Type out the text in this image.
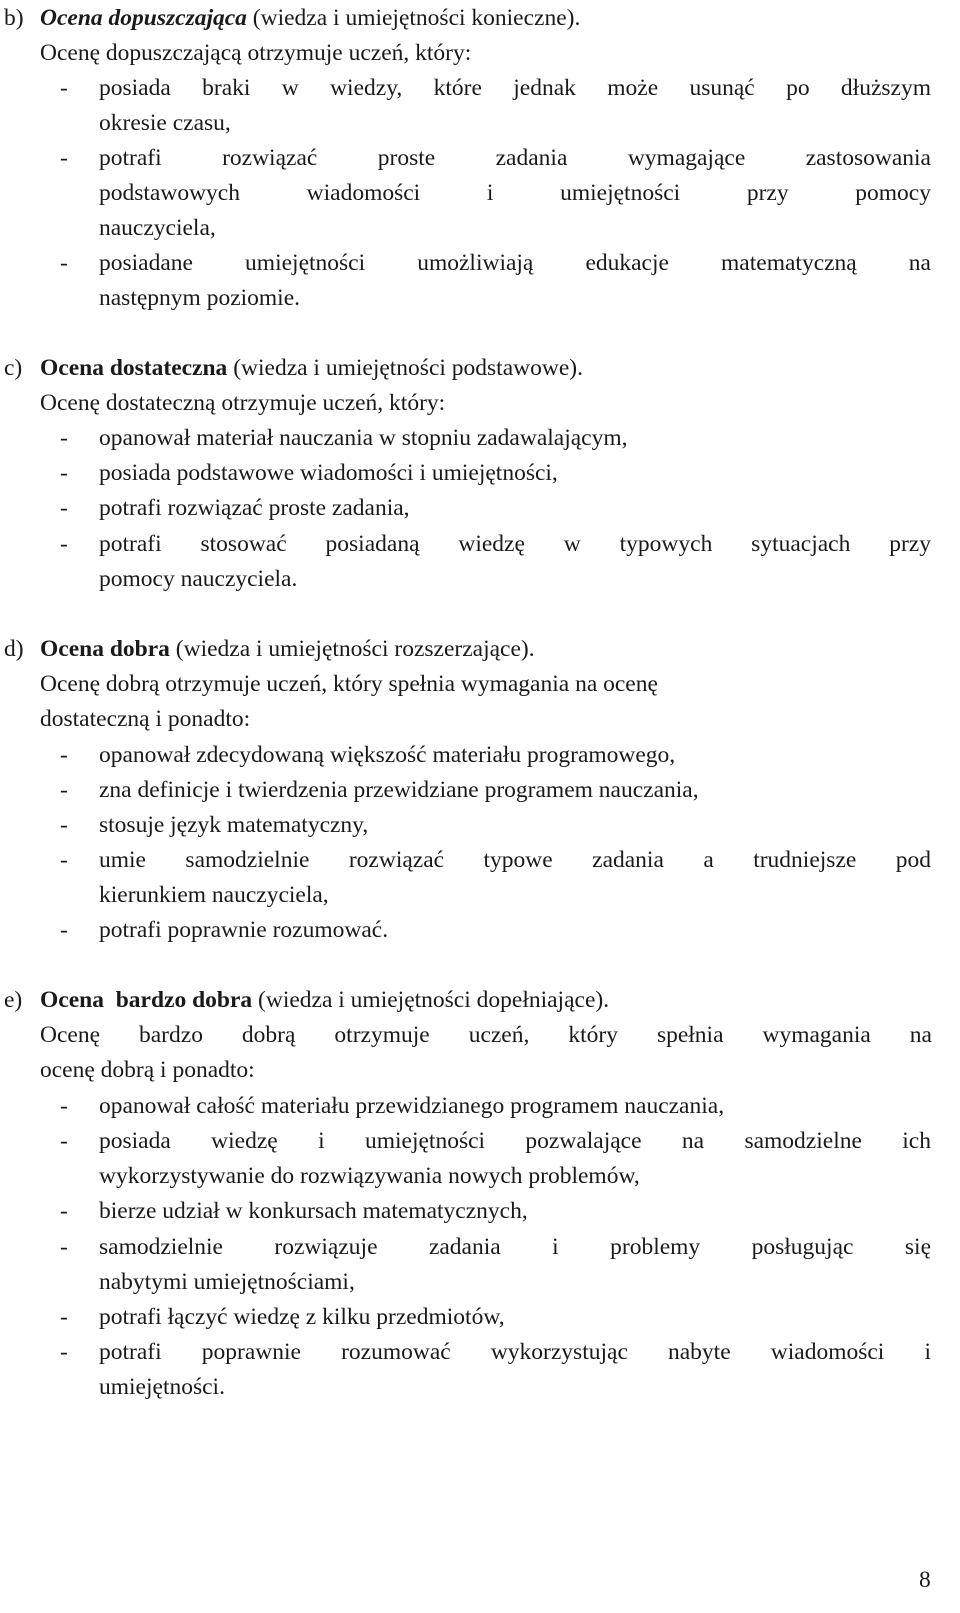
b) Ocena dopuszczająca (wiedza i umiejętności konieczne).
Ocenę dopuszczającą otrzymuje uczeń, który:
- posiada braki w wiedzy, które jednak może usunąć po dłuższym
okresie czasu,
- potrafi rozwiązać proste zadania wymagające zastosowania
podstawowych wiadomości i umiejętności przy pomocy
nauczyciela,
- posiadane umiejętności umożliwiają edukacje matematyczną na
następnym poziomie.
c) Ocena dostateczna (wiedza i umiejętności podstawowe).
Ocenę dostateczną otrzymuje uczeń, który:
- opanował materiał nauczania w stopniu zadawalającym,
- posiada podstawowe wiadomości i umiejętności,
- potrafi rozwiązać proste zadania,
- potrafi stosować posiadaną wiedzę w typowych sytuacjach przy
pomocy nauczyciela.
d) Ocena dobra (wiedza i umiejętności rozszerzające).
Ocenę dobrą otrzymuje uczeń, który spełnia wymagania na ocenę
dostateczną i ponadto:
- opanował zdecydowaną większość materiału programowego,
- zna definicje i twierdzenia przewidziane programem nauczania,
- stosuje język matematyczny,
- umie samodzielnie rozwiązać typowe zadania a trudniejsze pod
kierunkiem nauczyciela,
- potrafi poprawnie rozumować.
e) Ocena  bardzo dobra (wiedza i umiejętności dopełniające).
Ocenę bardzo dobrą otrzymuje uczeń, który spełnia wymagania na
ocenę dobrą i ponadto:
- opanował całość materiału przewidzianego programem nauczania,
- posiada wiedzę i umiejętności pozwalające na samodzielne ich
wykorzystywanie do rozwiązywania nowych problemów,
- bierze udział w konkursach matematycznych,
- samodzielnie rozwiązuje zadania i problemy posługując się
nabytymi umiejętnościami,
- potrafi łączyć wiedzę z kilku przedmiotów,
- potrafi poprawnie rozumować wykorzystując nabyte wiadomości i
umiejętności.
8
